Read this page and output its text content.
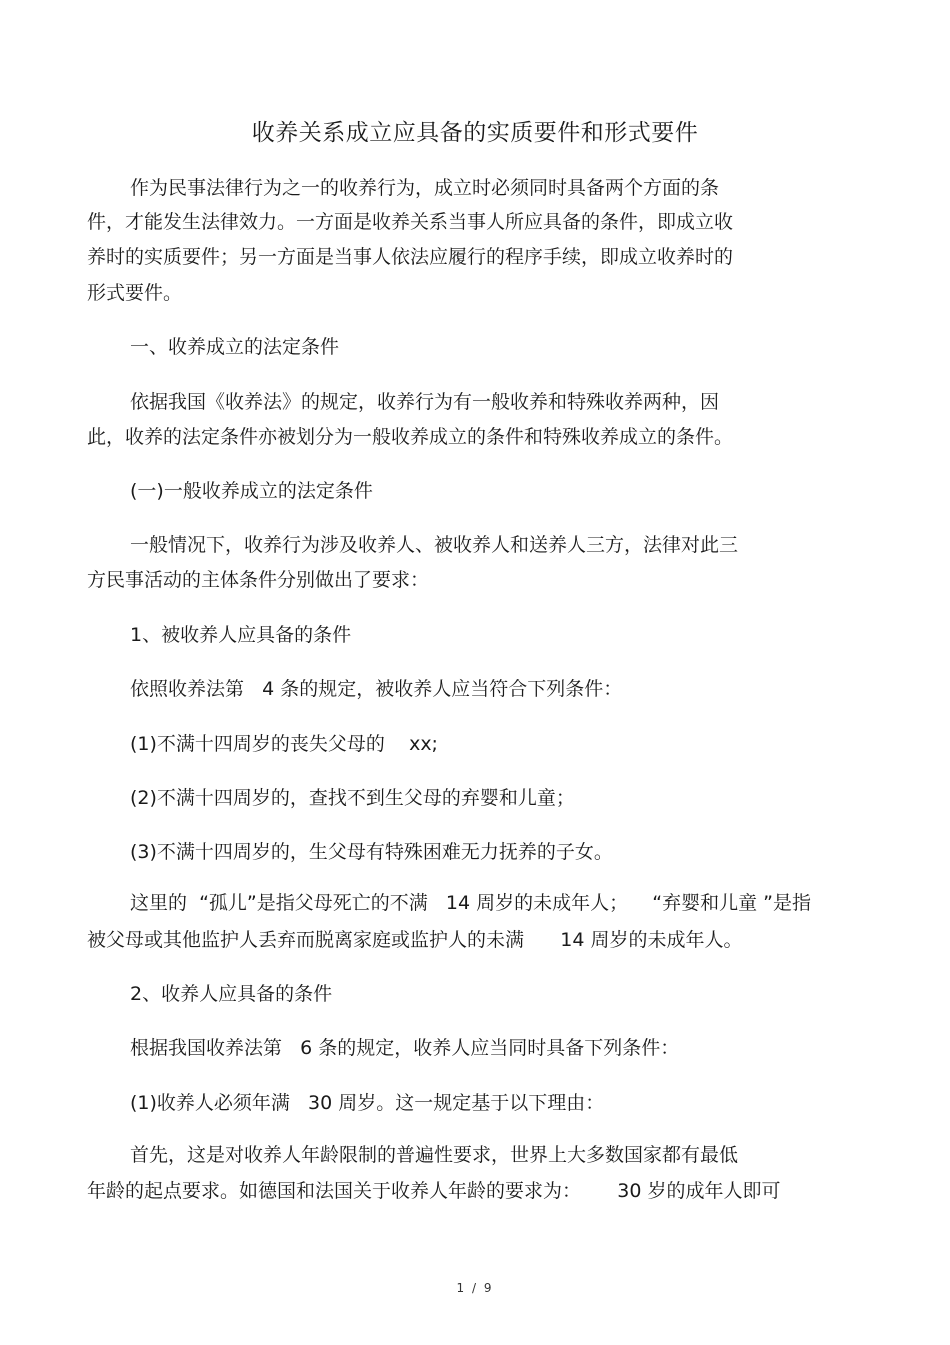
收养关系成立应具备的实质要件和形式要件
作为民事法律行为之一的收养行为，成立时必须同时具备两个方面的条
件，才能发生法律效力。一方面是收养关系当事人所应具备的条件，即成立收
养时的实质要件；另一方面是当事人依法应履行的程序手续，即成立收养时的
形式要件。
一、收养成立的法定条件
依据我国《收养法》的规定，收养行为有一般收养和特殊收养两种，因
此，收养的法定条件亦被划分为一般收养成立的条件和特殊收养成立的条件。
(一)一般收养成立的法定条件
一般情况下，收养行为涉及收养人、被收养人和送养人三方，法律对此三
方民事活动的主体条件分别做出了要求：
1、被收养人应具备的条件
依照收养法第   4 条的规定，被收养人应当符合下列条件：
(1)不满十四周岁的丧失父母的    xx;
(2)不满十四周岁的，查找不到生父母的弃婴和儿童；
(3)不满十四周岁的，生父母有特殊困难无力抚养的子女。
这里的  “孤儿”是指父母死亡的不满   14 周岁的未成年人；    “弃婴和儿童 ”是指
被父母或其他监护人丢弃而脱离家庭或监护人的未满      14 周岁的未成年人。
2、收养人应具备的条件
根据我国收养法第   6 条的规定，收养人应当同时具备下列条件：
(1)收养人必须年满   30 周岁。这一规定基于以下理由：
首先，这是对收养人年龄限制的普遍性要求，世界上大多数国家都有最低
年龄的起点要求。如德国和法国关于收养人年龄的要求为：      30 岁的成年人即可
1 / 9
